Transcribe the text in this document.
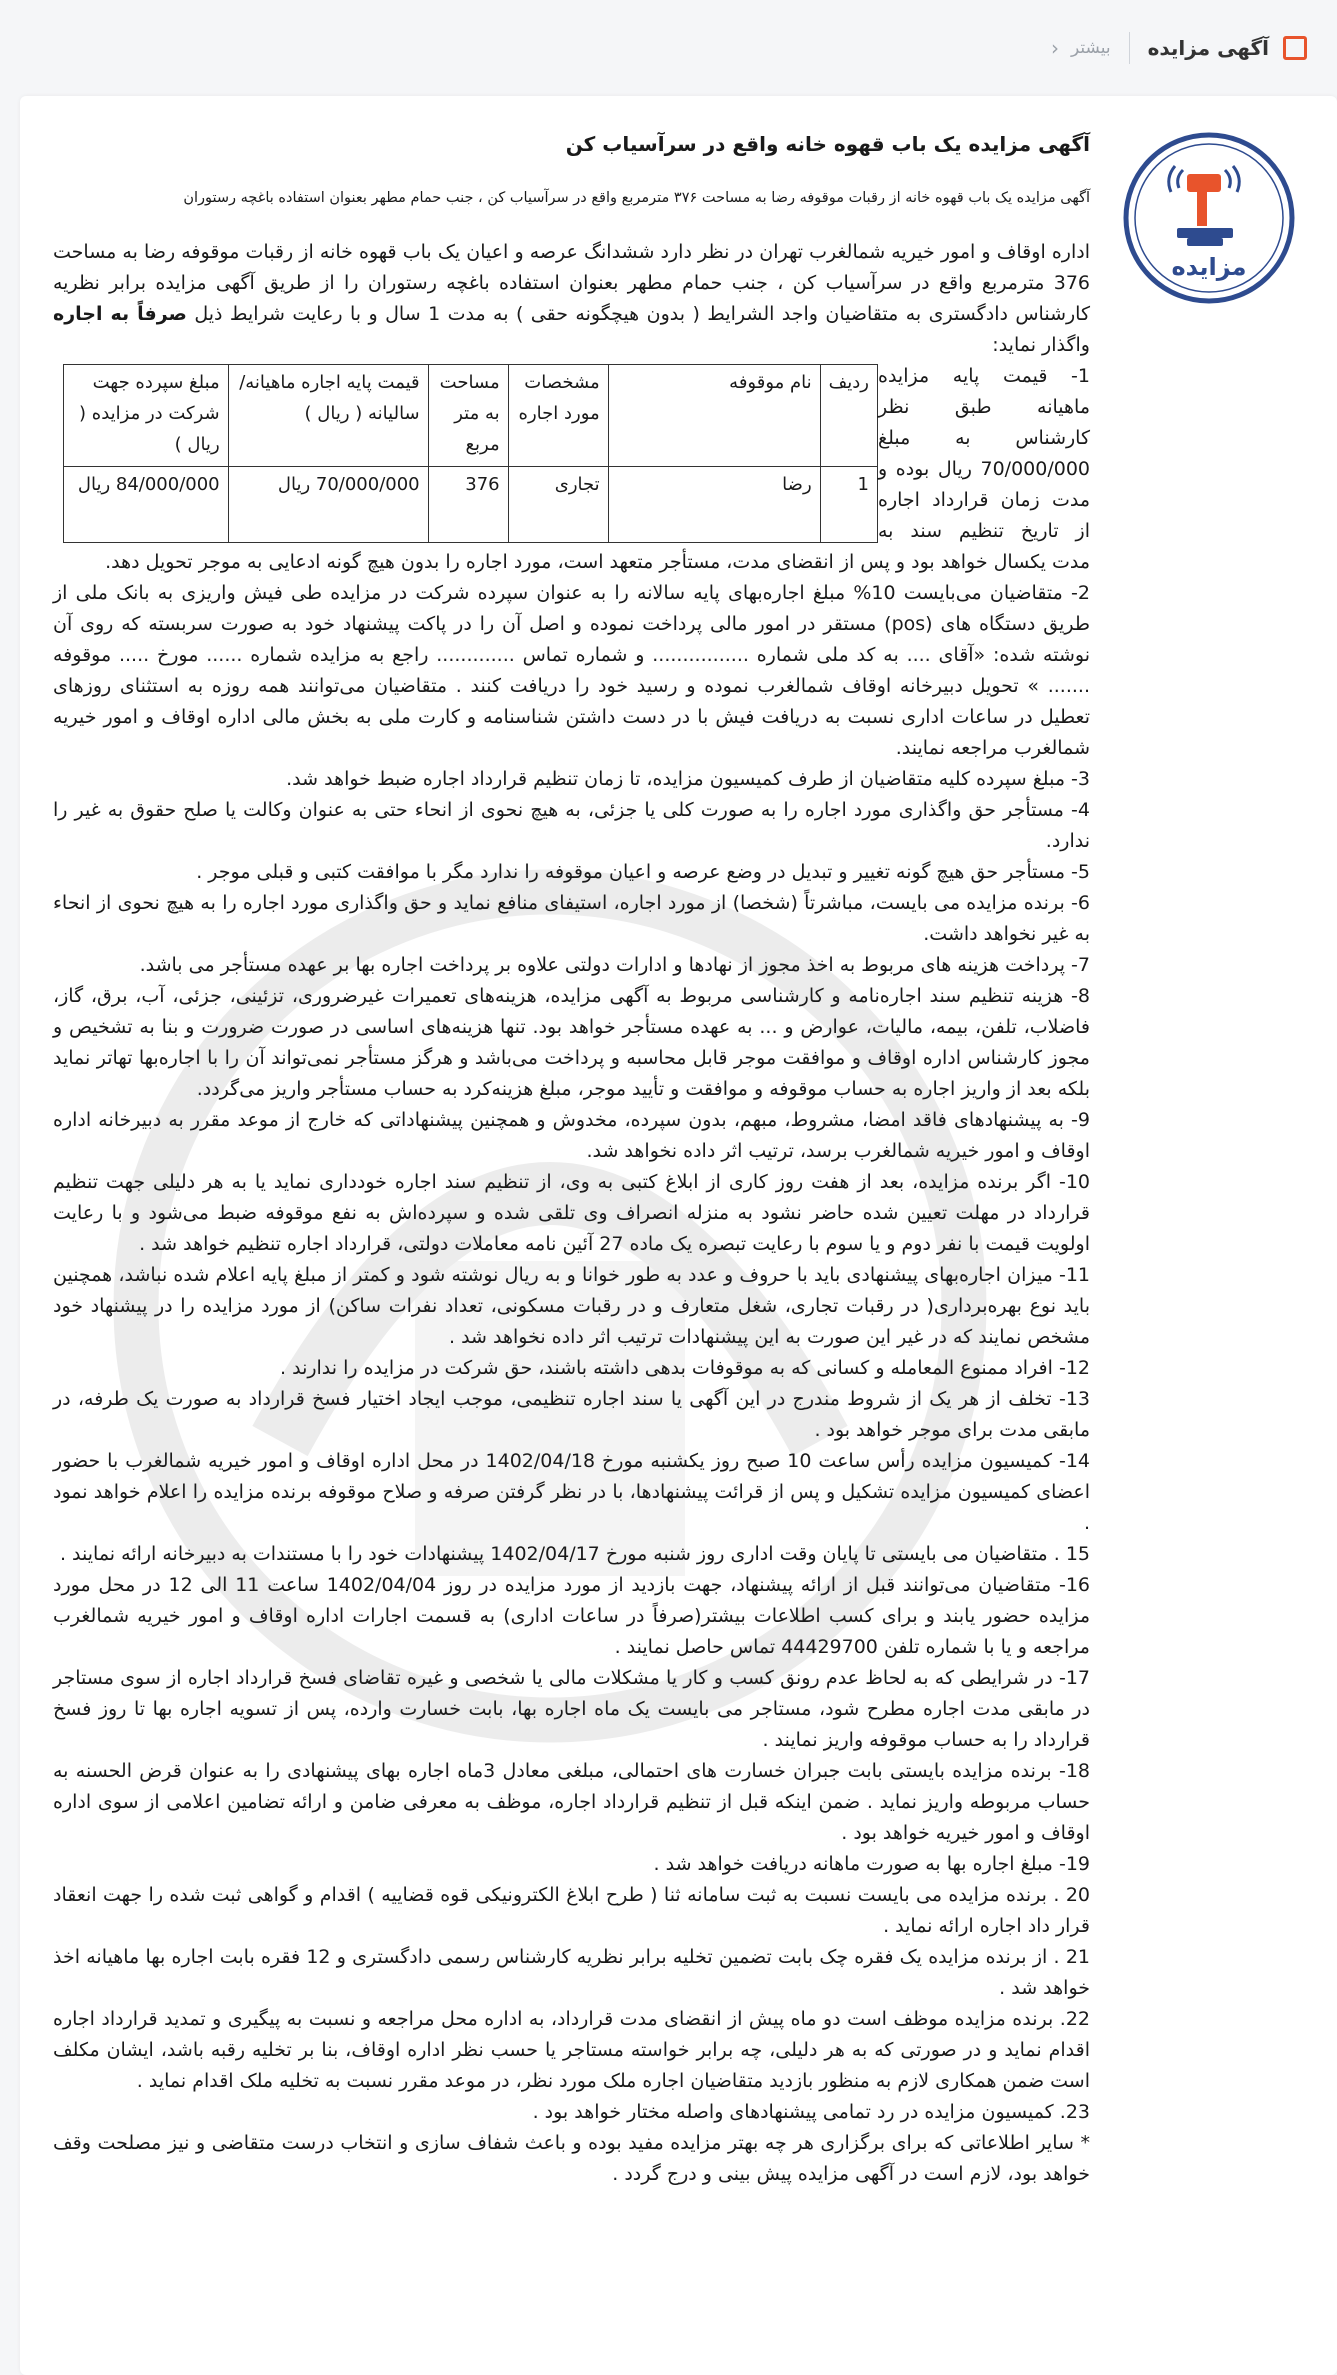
آگهی مزایده
بیشتر
‹
مزایده
آگهی مزایده یک باب قهوه خانه واقع در سرآسیاب کن
آگهی مزایده یک باب قهوه خانه از رقبات موقوفه رضا به مساحت ۳۷۶ مترمربع واقع در سرآسیاب کن ، جنب حمام مطهر بعنوان استفاده باغچه رستوران

اداره اوقاف و امور خیریه شمالغرب تهران در نظر دارد ششدانگ عرصه و اعیان یک باب قهوه خانه از رقبات موقوفه رضا به مساحت 376 مترمربع واقع در سرآسیاب کن ، جنب حمام مطهر بعنوان استفاده باغچه رستوران را از طریق آگهی مزایده برابر نظریه کارشناس دادگستری به متقاضیان واجد الشرایط ( بدون هیچگونه حقی ) به مدت 1 سال و با رعایت شرایط ذیل صرفاً به اجاره واگذار نماید:

ردیف	نام موقوفه	مشخصات مورد اجاره	مساحت به متر مربع	قیمت پایه اجاره ماهیانه/سالیانه ( ریال )	مبلغ سپرده جهت شرکت در مزایده ( ریال )
1	رضا	تجاری	376	70/000/000 ریال	84/000/000 ریال

1- قیمت پایه مزایده ماهیانه طبق نظر کارشناس به مبلغ 70/000/000 ریال بوده و مدت زمان قرارداد اجاره از تاریخ تنظیم سند به مدت یکسال خواهد بود و پس از انقضای مدت، مستأجر متعهد است، مورد اجاره را بدون هیچ گونه ادعایی به موجر تحویل دهد.

2- متقاضیان می‌بایست 10% مبلغ اجاره‌بهای پایه سالانه را به عنوان سپرده شرکت در مزایده طی فیش واریزی به بانک ملی از طریق دستگاه های (pos) مستقر در امور مالی پرداخت نموده و اصل آن را در پاکت پیشنهاد خود به صورت سربسته که روی آن نوشته شده: «آقای .... به کد ملی شماره ................ و شماره تماس ............. راجع به مزایده شماره ...... مورخ ..... موقوفه ....... » تحویل دبیرخانه اوقاف شمالغرب نموده و رسید خود را دریافت کنند . متقاضیان می‌توانند همه روزه به استثنای روزهای تعطیل در ساعات اداری نسبت به دریافت فیش با در دست داشتن شناسنامه و کارت ملی به بخش مالی اداره اوقاف و امور خیریه شمالغرب مراجعه نمایند.

3- مبلغ سپرده کلیه متقاضیان از طرف کمیسیون مزایده، تا زمان تنظیم قرارداد اجاره ضبط خواهد شد.

4- مستأجر حق واگذاری مورد اجاره را به صورت کلی یا جزئی، به هیچ نحوی از انحاء حتی به عنوان وکالت یا صلح حقوق به غیر را ندارد.

5- مستأجر حق هیچ گونه تغییر و تبدیل در وضع عرصه و اعیان موقوفه را ندارد مگر با موافقت کتبی و قبلی موجر .

6- برنده مزایده می بایست، مباشرتاً (شخصا) از مورد اجاره، استیفای منافع نماید و حق واگذاری مورد اجاره را به هیچ نحوی از انحاء به غیر نخواهد داشت.

7- پرداخت هزینه های مربوط به اخذ مجوز از نهادها و ادارات دولتی علاوه بر پرداخت اجاره بها بر عهده مستأجر می باشد.

8- هزینه تنظیم سند اجاره‌نامه و کارشناسی مربوط به آگهی مزایده، هزینه‌های تعمیرات غیرضروری، تزئینی، جزئی، آب، برق، گاز، فاضلاب، تلفن، بیمه، مالیات، عوارض و ... به عهده مستأجر خواهد بود. تنها هزینه‌های اساسی در صورت ضرورت و بنا به تشخیص و مجوز کارشناس اداره اوقاف و موافقت موجر قابل محاسبه و پرداخت می‌باشد و هرگز مستأجر نمی‌تواند آن را با اجاره‌بها تهاتر نماید بلکه بعد از واریز اجاره به حساب موقوفه و موافقت و تأیید موجر، مبلغ هزینه‌کرد به حساب مستأجر واریز می‌گردد.

9- به پیشنهادهای فاقد امضا، مشروط، مبهم، بدون سپرده، مخدوش و همچنین پیشنهاداتی که خارج از موعد مقرر به دبیرخانه اداره اوقاف و امور خیریه شمالغرب برسد، ترتیب اثر داده نخواهد شد.

10- اگر برنده مزایده، بعد از هفت روز کاری از ابلاغ کتبی به وی، از تنظیم سند اجاره خودداری نماید یا به هر دلیلی جهت تنظیم قرارداد در مهلت تعیین شده حاضر نشود به منزله انصراف وی تلقی شده و سپرده‌اش به نفع موقوفه ضبط می‌شود و با رعایت اولویت قیمت با نفر دوم و یا سوم با رعایت تبصره یک ماده 27 آئین نامه معاملات دولتی، قرارداد اجاره تنظیم خواهد شد .

11- میزان اجاره‌بهای پیشنهادی باید با حروف و عدد به طور خوانا و به ریال نوشته شود و کمتر از مبلغ پایه اعلام شده نباشد، همچنین باید نوع بهره‌برداری( در رقبات تجاری، شغل متعارف و در رقبات مسکونی، تعداد نفرات ساکن) از مورد مزایده را در پیشنهاد خود مشخص نمایند که در غیر این صورت به این پیشنهادات ترتیب اثر داده نخواهد شد .

12- افراد ممنوع المعامله و کسانی که به موقوفات بدهی داشته باشند، حق شرکت در مزایده را ندارند .

13- تخلف از هر یک از شروط مندرج در این آگهی یا سند اجاره تنظیمی، موجب ایجاد اختیار فسخ قرارداد به صورت یک طرفه، در مابقی مدت برای موجر خواهد بود .

14- کمیسیون مزایده رأس ساعت 10 صبح روز یکشنبه مورخ 1402/04/18 در محل اداره اوقاف و امور خیریه شمالغرب با حضور اعضای کمیسیون مزایده تشکیل و پس از قرائت پیشنهادها، با در نظر گرفتن صرفه و صلاح موقوفه برنده مزایده را اعلام خواهد نمود .

15 . متقاضیان می بایستی تا پایان وقت اداری روز شنبه مورخ 1402/04/17 پیشنهادات خود را با مستندات به دبیرخانه ارائه نمایند .

16- متقاضیان می‌توانند قبل از ارائه پیشنهاد، جهت بازدید از مورد مزایده در روز 1402/04/04 ساعت 11 الی 12 در محل مورد مزایده حضور یابند و برای کسب اطلاعات بیشتر(صرفاً در ساعات اداری) به قسمت اجارات اداره اوقاف و امور خیریه شمالغرب مراجعه و یا با شماره تلفن 44429700 تماس حاصل نمایند .

17- در شرایطی که به لحاظ عدم رونق کسب و کار یا مشکلات مالی یا شخصی و غیره تقاضای فسخ قرارداد اجاره از سوی مستاجر در مابقی مدت اجاره مطرح شود، مستاجر می بایست یک ماه اجاره بها، بابت خسارت وارده، پس از تسویه اجاره بها تا روز فسخ قرارداد را به حساب موقوفه واریز نمایند .

18- برنده مزایده بایستی بابت جبران خسارت های احتمالی، مبلغی معادل 3ماه اجاره بهای پیشنهادی را به عنوان قرض الحسنه به حساب مربوطه واریز نماید . ضمن اینکه قبل از تنظیم قرارداد اجاره، موظف به معرفی ضامن و ارائه تضامین اعلامی از سوی اداره اوقاف و امور خیریه خواهد بود .

19- مبلغ اجاره بها به صورت ماهانه دریافت خواهد شد .

20 . برنده مزایده می بایست نسبت به ثبت سامانه ثنا ( طرح ابلاغ الکترونیکی قوه قضاییه ) اقدام و گواهی ثبت شده را جهت انعقاد قرار داد اجاره ارائه نماید .

21 . از برنده مزایده یک فقره چک بابت تضمین تخلیه برابر نظریه کارشناس رسمی دادگستری و 12 فقره بابت اجاره بها ماهیانه اخذ خواهد شد .

22. برنده مزایده موظف است دو ماه پیش از انقضای مدت قرارداد، به اداره محل مراجعه و نسبت به پیگیری و تمدید قرارداد اجاره اقدام نماید و در صورتی که به هر دلیلی، چه برابر خواسته مستاجر یا حسب نظر اداره اوقاف، بنا بر تخلیه رقبه باشد، ایشان مکلف است ضمن همکاری لازم به منظور بازدید متقاضیان اجاره ملک مورد نظر، در موعد مقرر نسبت به تخلیه ملک اقدام نماید .

23. کمیسیون مزایده در رد تمامی پیشنهادهای واصله مختار خواهد بود .

* سایر اطلاعاتی که برای برگزاری هر چه بهتر مزایده مفید بوده و باعث شفاف سازی و انتخاب درست متقاضی و نیز مصلحت وقف خواهد بود، لازم است در آگهی مزایده پیش بینی و درج گردد .
